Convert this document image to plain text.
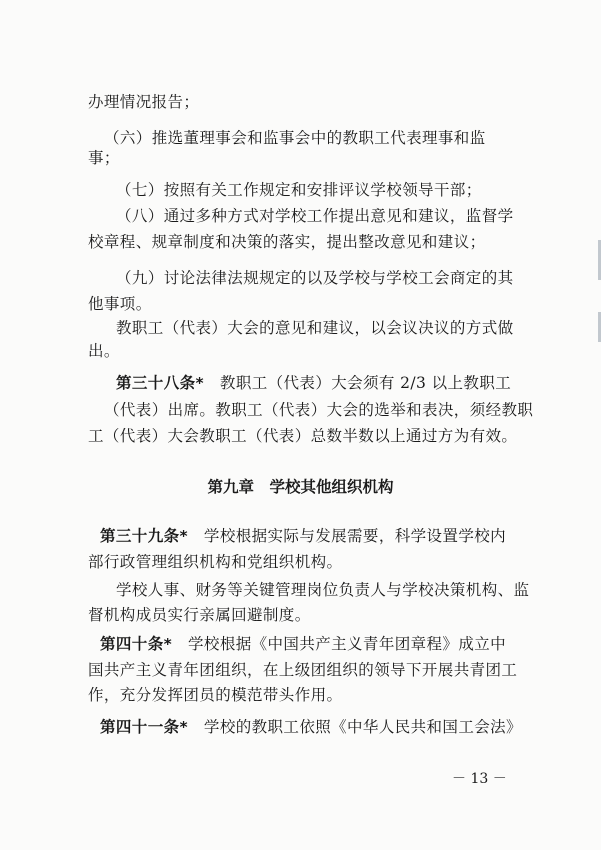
办理情况报告；
（六）推选董理事会和监事会中的教职工代表理事和监
事；
（七）按照有关工作规定和安排评议学校领导干部；
（八）通过多种方式对学校工作提出意见和建议，监督学
校章程、规章制度和决策的落实，提出整改意见和建议；
（九）讨论法律法规规定的以及学校与学校工会商定的其
他事项。
教职工（代表）大会的意见和建议，以会议决议的方式做
出。
第三十八条*　 教职工（代表）大会须有 2/3 以上教职工
（代表）出席。教职工（代表）大会的选举和表决，须经教职
工（代表）大会教职工（代表）总数半数以上通过方为有效。
第九章　学校其他组织机构
第三十九条*　 学校根据实际与发展需要，科学设置学校内
部行政管理组织机构和党组织机构。
学校人事、财务等关键管理岗位负责人与学校决策机构、监
督机构成员实行亲属回避制度。
第四十条*　 学校根据《中国共产主义青年团章程》成立中
国共产主义青年团组织，在上级团组织的领导下开展共青团工
作，充分发挥团员的模范带头作用。
第四十一条*　 学校的教职工依照《中华人民共和国工会法》
－ 13 －
